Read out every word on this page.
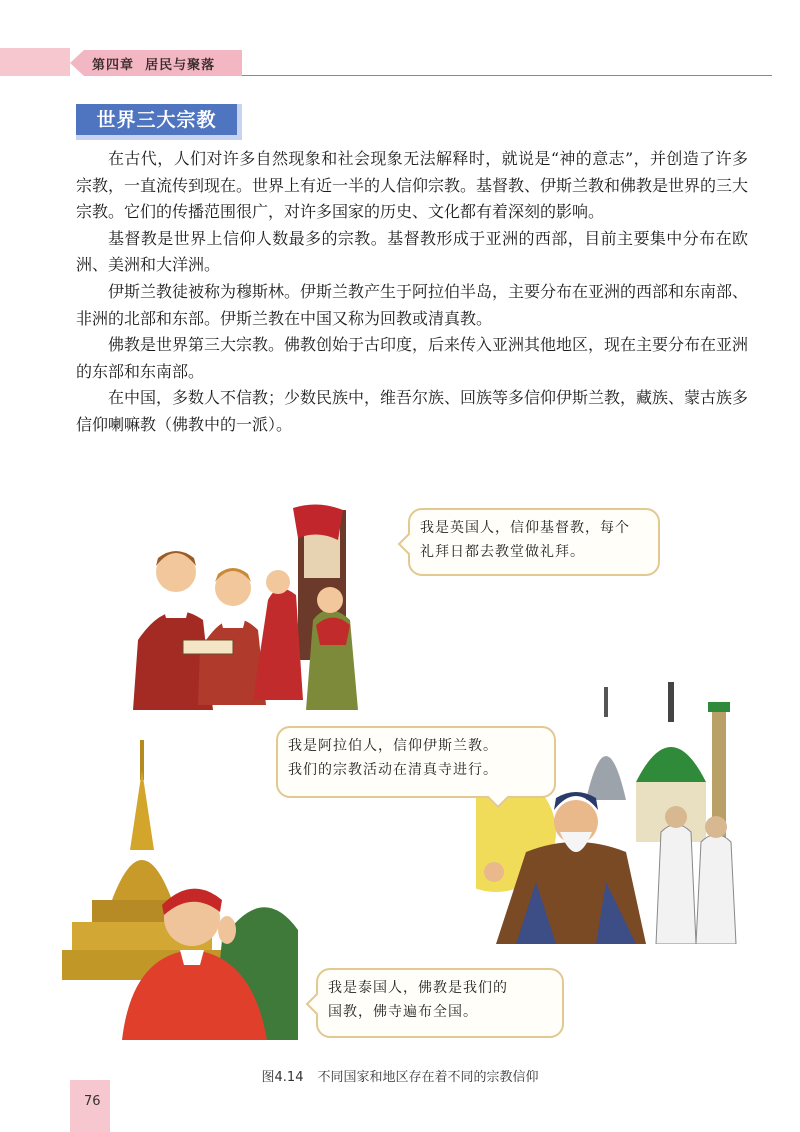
第四章 居民与聚落
世界三大宗教

在古代，人们对许多自然现象和社会现象无法解释时，就说是“神的意志”，并创造了许多宗教，一直流传到现在。世界上有近一半的人信仰宗教。基督教、伊斯兰教和佛教是世界的三大宗教。它们的传播范围很广，对许多国家的历史、文化都有着深刻的影响。

基督教是世界上信仰人数最多的宗教。基督教形成于亚洲的西部，目前主要集中分布在欧洲、美洲和大洋洲。

伊斯兰教徒被称为穆斯林。伊斯兰教产生于阿拉伯半岛，主要分布在亚洲的西部和东南部、非洲的北部和东部。伊斯兰教在中国又称为回教或清真教。

佛教是世界第三大宗教。佛教创始于古印度，后来传入亚洲其他地区，现在主要分布在亚洲的东部和东南部。

在中国，多数人不信教；少数民族中，维吾尔族、回族等多信仰伊斯兰教，藏族、蒙古族多信仰喇嘛教（佛教中的一派）。

我是英国人，信仰基督教，每个
礼拜日都去教堂做礼拜。
我是阿拉伯人，信仰伊斯兰教。
我们的宗教活动在清真寺进行。
我是泰国人，佛教是我们的
国教，佛寺遍布全国。
图4.14 不同国家和地区存在着不同的宗教信仰
76
